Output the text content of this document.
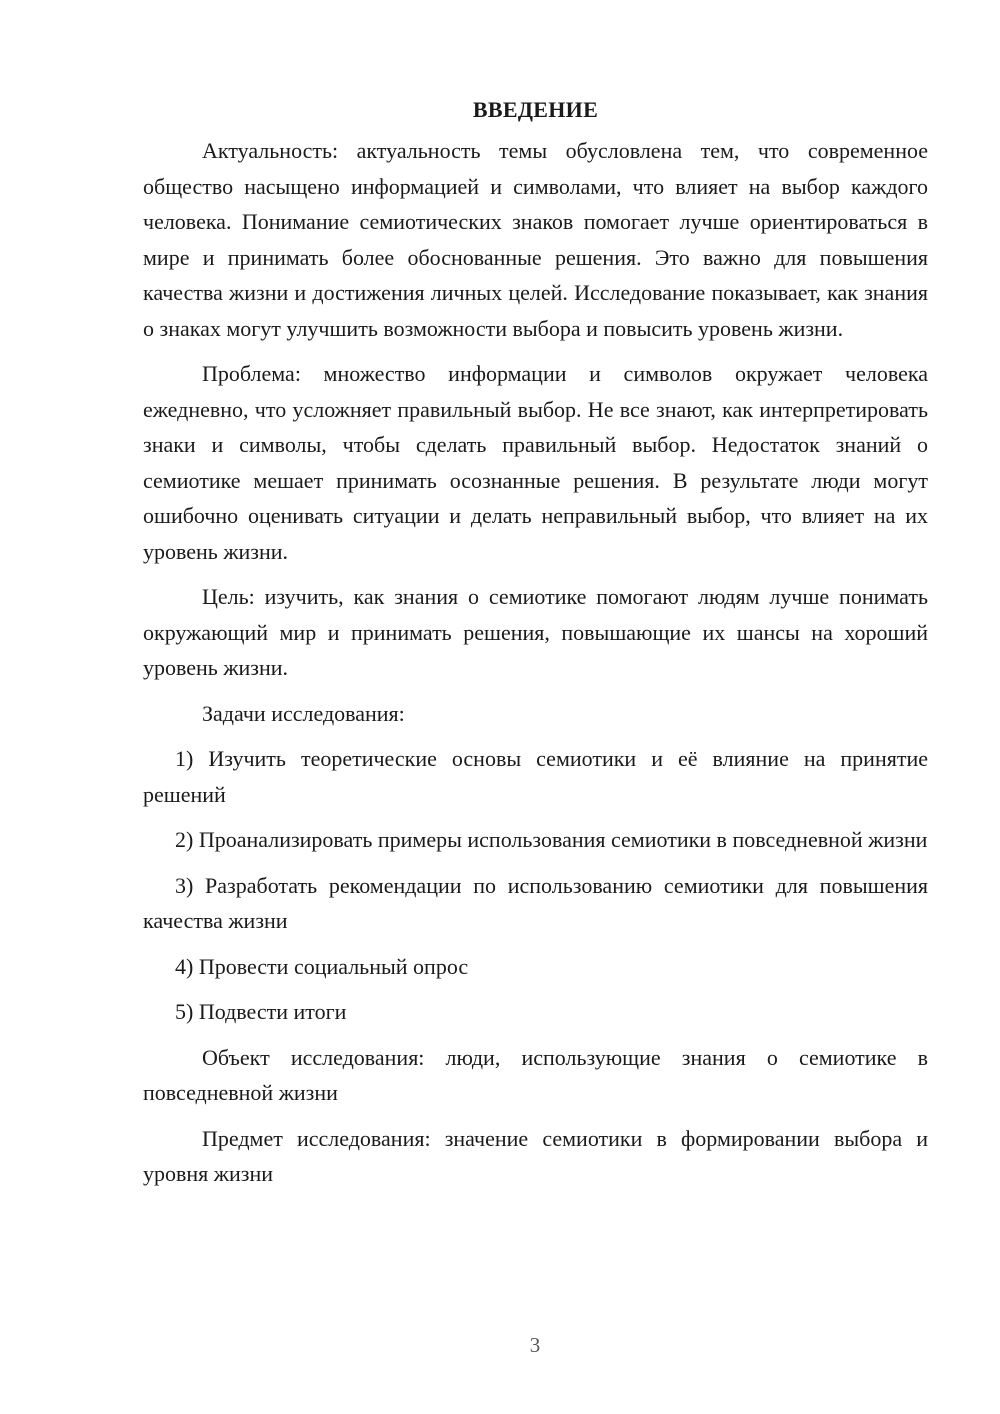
ВВЕДЕНИЕ

Актуальность: актуальность темы обусловлена тем, что современное общество насыщено информацией и символами, что влияет на выбор каждого человека. Понимание семиотических знаков помогает лучше ориентироваться в мире и принимать более обоснованные решения. Это важно для повышения качества жизни и достижения личных целей. Исследование показывает, как знания о знаках могут улучшить возможности выбора и повысить уровень жизни.

Проблема: множество информации и символов окружает человека ежедневно, что усложняет правильный выбор. Не все знают, как интерпретировать знаки и символы, чтобы сделать правильный выбор. Недостаток знаний о семиотике мешает принимать осознанные решения. В результате люди могут ошибочно оценивать ситуации и делать неправильный выбор, что влияет на их уровень жизни.

Цель: изучить, как знания о семиотике помогают людям лучше понимать окружающий мир и принимать решения, повышающие их шансы на хороший уровень жизни.

Задачи исследования:

1) Изучить теоретические основы семиотики и её влияние на принятие решений

2) Проанализировать примеры использования семиотики в повседневной жизни

3) Разработать рекомендации по использованию семиотики для повышения качества жизни

4) Провести социальный опрос

5) Подвести итоги

Объект исследования: люди, использующие знания о семиотике в повседневной жизни

Предмет исследования: значение семиотики в формировании выбора и уровня жизни

3
